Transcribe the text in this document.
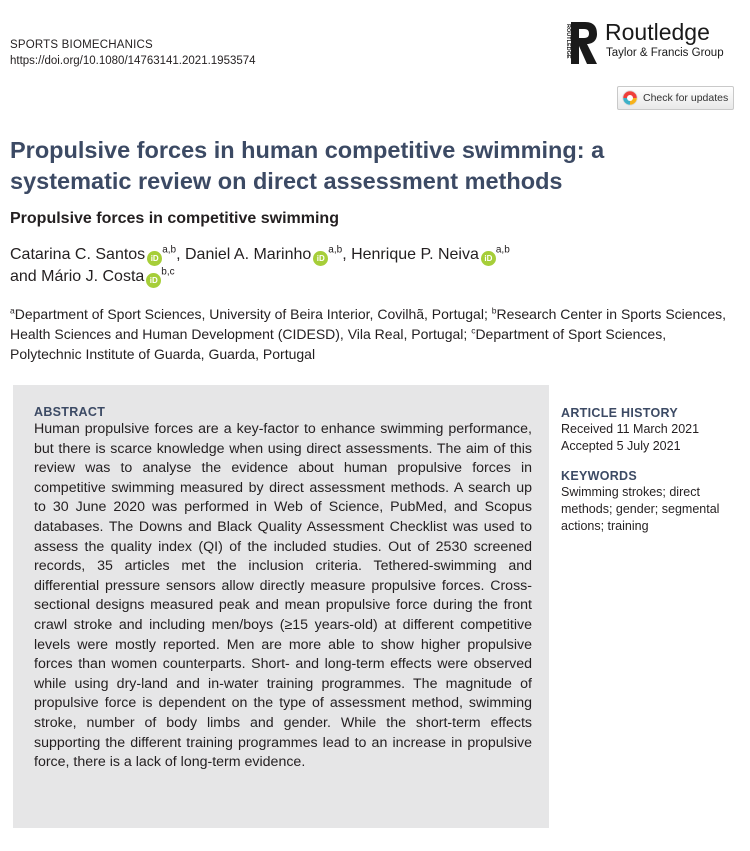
SPORTS BIOMECHANICS
https://doi.org/10.1080/14763141.2021.1953574
ROUTLEDGE Routledge
Taylor & Francis Group
Check for updates
Propulsive forces in human competitive swimming: a systematic review on direct assessment methods
Propulsive forces in competitive swimming
Catarina C. Santos iD$^{a,b}$, Daniel A. Marinho iD$^{a,b}$, Henrique P. Neiva iD$^{a,b}$
and Mário J. Costa iD$^{b,c}$
$^a$Department of Sport Sciences, University of Beira Interior, Covilhã, Portugal; $^b$Research Center in Sports Sciences, Health Sciences and Human Development (CIDESD), Vila Real, Portugal; $^c$Department of Sport Sciences, Polytechnic Institute of Guarda, Guarda, Portugal
ABSTRACT

Human propulsive forces are a key-factor to enhance swimming performance, but there is scarce knowledge when using direct assessments. The aim of this review was to analyse the evidence about human propulsive forces in competitive swimming measured by direct assessment methods. A search up to 30 June 2020 was performed in Web of Science, PubMed, and Scopus databases. The Downs and Black Quality Assessment Checklist was used to assess the quality index (QI) of the included studies. Out of 2530 screened records, 35 articles met the inclusion criteria. Tethered-swimming and differential pressure sensors allow directly measure propulsive forces. Cross-sectional designs measured peak and mean propulsive force during the front crawl stroke and including men/boys (≥15 years-old) at different competitive levels were mostly reported. Men are more able to show higher propulsive forces than women counterparts. Short- and long-term effects were observed while using dry-land and in-water training programmes. The magnitude of propulsive force is dependent on the type of assessment method, swimming stroke, number of body limbs and gender. While the short-term effects supporting the different training programmes lead to an increase in propulsive force, there is a lack of long-term evidence.

ARTICLE HISTORY

Received 11 March 2021

Accepted 5 July 2021

KEYWORDS

Swimming strokes; direct methods; gender; segmental actions; training
